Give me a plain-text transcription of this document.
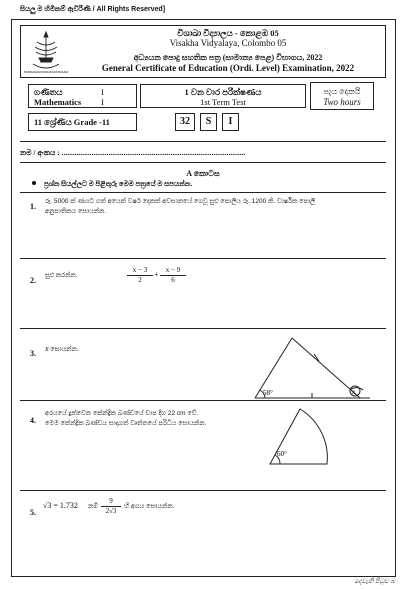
සියලු ම හිමිකම් ඇවිරිණි / All Rights Reserved]
PANNASAM PANNASASTRAAM
විශාඛා විද්‍යාලය - කොළඹ 05
Visakha Vidyalaya, Colombo 05
අධ්‍යයන පොදු සහතික පත්‍ර (සාමාන්‍ය පෙළ) විභාගය, 2022
General Certificate of Education (Ordi. Level) Examination, 2022
ගණිතය	I
Mathematics I
1 වන වාර පරීක්ෂණය
1st Term Test
පැය දෙකයි
Two hours
11 ශ්‍රේණිය Grade -11	32	S	I
නම / අංකය : ..................................................................................................
A කොටස
ප්‍රශ්න සියල්ලට ම පිළිතුරු මෙම පත්‍රයේ ම සපයන්න.
1.
රු. 5000 ක් ණයට ගත් අයෙක් වර්ෂ දෙකක් අවසානයේ ගෙවූ සුළු පොලිය රු. 1200 කි. වාර්ෂික පොලී
අනුපාතිකය සොයන්න.
2.
සුළු කරන්න.	$\frac{x - 3}{2} + \frac{x - 9}{6}$
3.
x සොයන්න.
58°	x
4.
අරයයේ දුක්වෙන කේන්ද්‍රික ඛණ්ඩයේ චාප දිග 22 cm වේ.
මෙම කේන්ද්‍රික ඛණ්ඩය සාදාගත් වෘත්තයේ පරිධිය සොයන්න.
60°
5.
√3 = 1.732 නම් $\frac{9}{2√3}$ හි අගය සොයන්න.
දෙවැනි පිටුව බ
